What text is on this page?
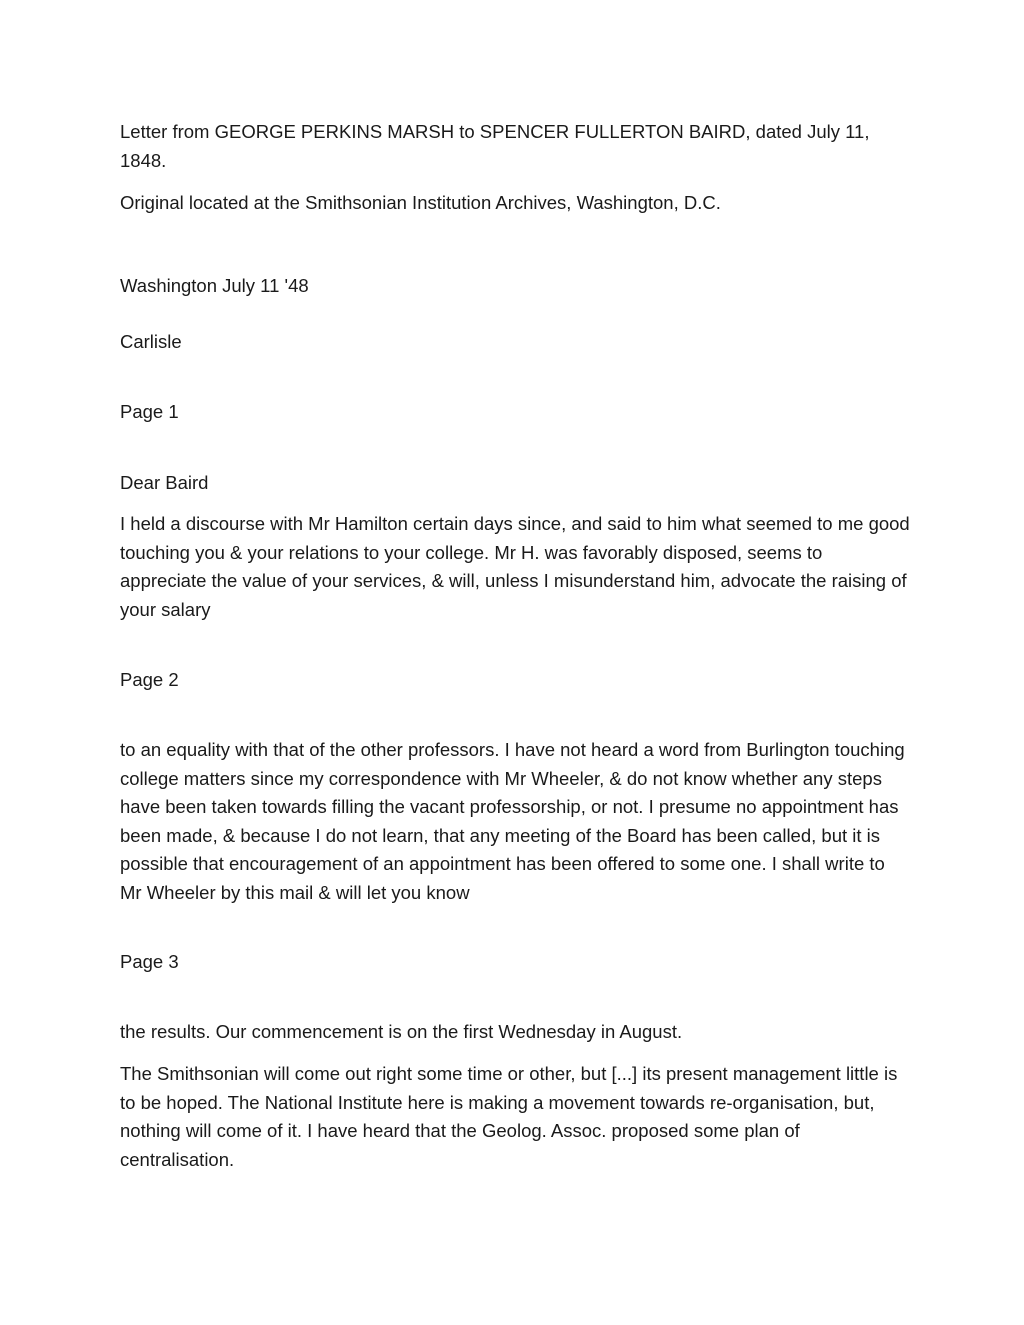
Letter from GEORGE PERKINS MARSH to SPENCER FULLERTON BAIRD, dated July 11, 1848.

Original located at the Smithsonian Institution Archives, Washington, D.C.

Washington July 11 '48

Carlisle

Page 1

Dear Baird

I held a discourse with Mr Hamilton certain days since, and said to him what seemed to me good touching you & your relations to your college. Mr H. was favorably disposed, seems to appreciate the value of your services, & will, unless I misunderstand him, advocate the raising of your salary

Page 2

to an equality with that of the other professors. I have not heard a word from Burlington touching college matters since my correspondence with Mr Wheeler, & do not know whether any steps have been taken towards filling the vacant professorship, or not. I presume no appointment has been made, & because I do not learn, that any meeting of the Board has been called, but it is possible that encouragement of an appointment has been offered to some one. I shall write to Mr Wheeler by this mail & will let you know

Page 3

the results. Our commencement is on the first Wednesday in August.

The Smithsonian will come out right some time or other, but [...] its present management little is to be hoped. The National Institute here is making a movement towards re-organisation, but, nothing will come of it. I have heard that the Geolog. Assoc. proposed some plan of centralisation.
